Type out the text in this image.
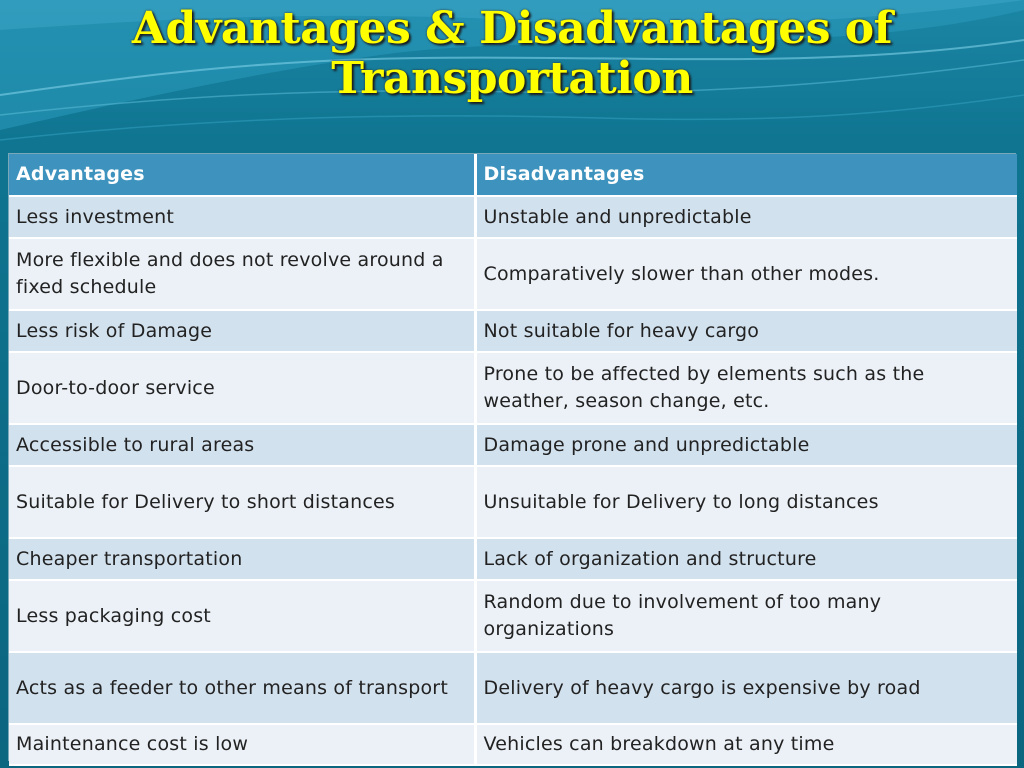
Advantages & Disadvantages of
Transportation
Advantages	Disadvantages
Less investment	Unstable and unpredictable
More flexible and does not revolve around a fixed schedule	Comparatively slower than other modes.
Less risk of Damage	Not suitable for heavy cargo
Door-to-door service	Prone to be affected by elements such as the weather, season change, etc.
Accessible to rural areas	Damage prone and unpredictable
Suitable for Delivery to short distances	Unsuitable for Delivery to long distances
Cheaper transportation	Lack of organization and structure
Less packaging cost	Random due to involvement of too many organizations
Acts as a feeder to other means of transport	Delivery of heavy cargo is expensive by road
Maintenance cost is low	Vehicles can breakdown at any time
